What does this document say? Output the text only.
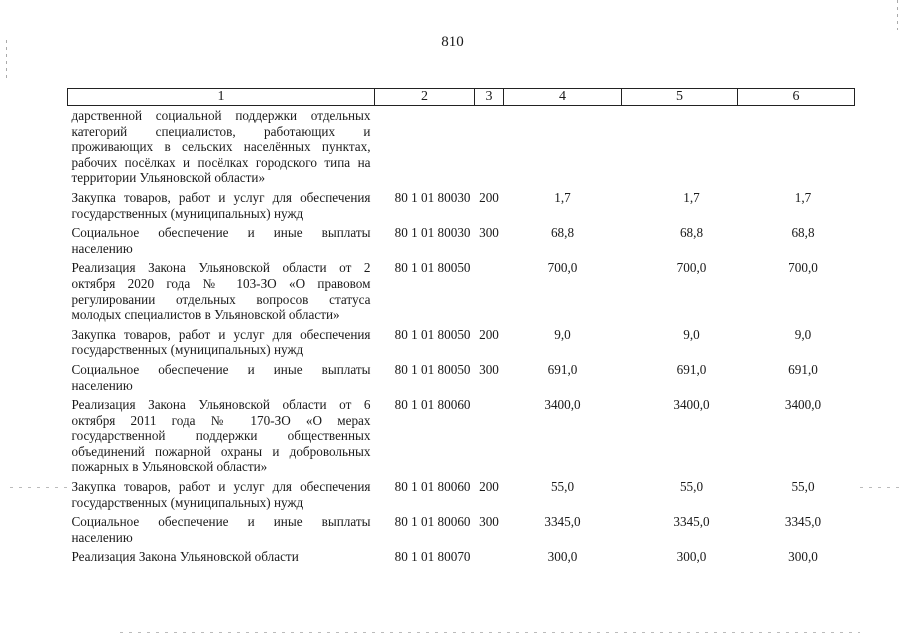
810
1	2	3	4	5	6
дарственной социальной поддержки отдельных категорий специалистов, работающих и проживающих в сельских населённых пунктах, рабочих посёлках и посёлках городского типа на территории Ульяновской области»					
Закупка товаров, работ и услуг для обеспечения государственных (муниципальных) нужд	80 1 01 80030	200	1,7	1,7	1,7
Социальное обеспечение и иные выплаты населению	80 1 01 80030	300	68,8	68,8	68,8
Реализация Закона Ульяновской области от 2 октября 2020 года № 103-ЗО «О правовом регулировании отдельных вопросов статуса молодых специалистов в Ульяновской области»	80 1 01 80050		700,0	700,0	700,0
Закупка товаров, работ и услуг для обеспечения государственных (муниципальных) нужд	80 1 01 80050	200	9,0	9,0	9,0
Социальное обеспечение и иные выплаты населению	80 1 01 80050	300	691,0	691,0	691,0
Реализация Закона Ульяновской области от 6 октября 2011 года № 170-ЗО «О мерах государственной поддержки общественных объединений пожарной охраны и добровольных пожарных в Ульяновской области»	80 1 01 80060		3400,0	3400,0	3400,0
Закупка товаров, работ и услуг для обеспечения государственных (муниципальных) нужд	80 1 01 80060	200	55,0	55,0	55,0
Социальное обеспечение и иные выплаты населению	80 1 01 80060	300	3345,0	3345,0	3345,0
Реализация Закона Ульяновской области	80 1 01 80070		300,0	300,0	300,0
